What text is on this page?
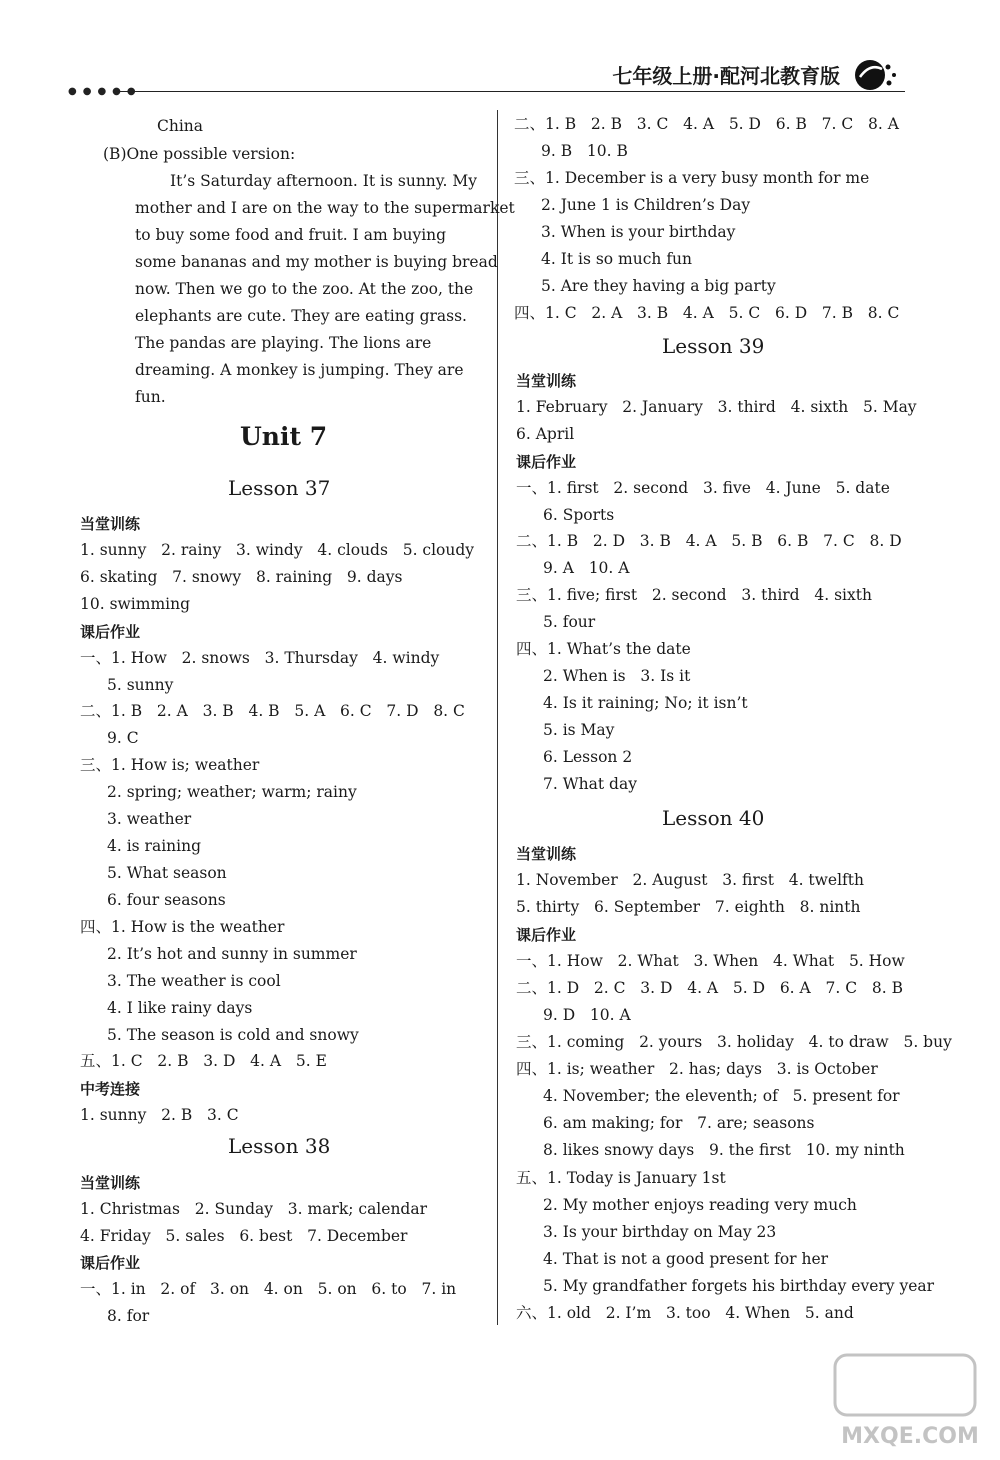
●●●●●
七年级上册·配河北教育版
China
(B)One possible version:
It’s Saturday afternoon. It is sunny. My
mother and I are on the way to the supermarket
to buy some food and fruit. I am buying
some bananas and my mother is buying bread
now. Then we go to the zoo. At the zoo, the
elephants are cute. They are eating grass.
The pandas are playing. The lions are
dreaming. A monkey is jumping. They are
fun.
Unit 7
Lesson 37
当堂训练
1. sunny   2. rainy   3. windy   4. clouds   5. cloudy
6. skating   7. snowy   8. raining   9. days
10. swimming
课后作业
一、1. How   2. snows   3. Thursday   4. windy
5. sunny
二、1. B   2. A   3. B   4. B   5. A   6. C   7. D   8. C
9. C
三、1. How is; weather
2. spring; weather; warm; rainy
3. weather
4. is raining
5. What season
6. four seasons
四、1. How is the weather
2. It’s hot and sunny in summer
3. The weather is cool
4. I like rainy days
5. The season is cold and snowy
五、1. C   2. B   3. D   4. A   5. E
中考连接
1. sunny   2. B   3. C
Lesson 38
当堂训练
1. Christmas   2. Sunday   3. mark; calendar
4. Friday   5. sales   6. best   7. December
课后作业
一、1. in   2. of   3. on   4. on   5. on   6. to   7. in
8. for
二、1. B   2. B   3. C   4. A   5. D   6. B   7. C   8. A
9. B   10. B
三、1. December is a very busy month for me
2. June 1 is Children’s Day
3. When is your birthday
4. It is so much fun
5. Are they having a big party
四、1. C   2. A   3. B   4. A   5. C   6. D   7. B   8. C
Lesson 39
当堂训练
1. February   2. January   3. third   4. sixth   5. May
6. April
课后作业
一、1. first   2. second   3. five   4. June   5. date
6. Sports
二、1. B   2. D   3. B   4. A   5. B   6. B   7. C   8. D
9. A   10. A
三、1. five; first   2. second   3. third   4. sixth
5. four
四、1. What’s the date
2. When is   3. Is it
4. Is it raining; No; it isn’t
5. is May
6. Lesson 2
7. What day
Lesson 40
当堂训练
1. November   2. August   3. first   4. twelfth
5. thirty   6. September   7. eighth   8. ninth
课后作业
一、1. How   2. What   3. When   4. What   5. How
二、1. D   2. C   3. D   4. A   5. D   6. A   7. C   8. B
9. D   10. A
三、1. coming   2. yours   3. holiday   4. to draw   5. buy
四、1. is; weather   2. has; days   3. is October
4. November; the eleventh; of   5. present for
6. am making; for   7. are; seasons
8. likes snowy days   9. the first   10. my ninth
五、1. Today is January 1st
2. My mother enjoys reading very much
3. Is your birthday on May 23
4. That is not a good present for her
5. My grandfather forgets his birthday every year
六、1. old   2. I’m   3. too   4. When   5. and
MXQE.COM
